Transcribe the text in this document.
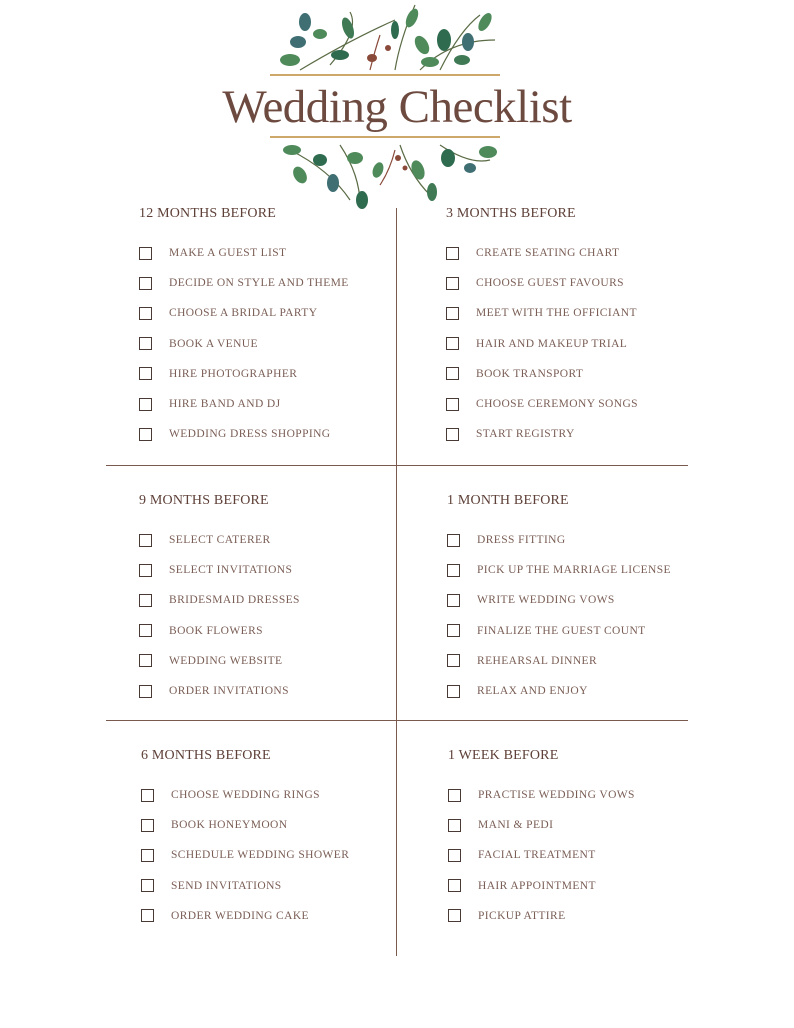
Wedding Checklist
12 MONTHS BEFORE
MAKE A GUEST LIST
DECIDE ON STYLE AND THEME
CHOOSE A BRIDAL PARTY
BOOK A VENUE
HIRE PHOTOGRAPHER
HIRE BAND AND DJ
WEDDING DRESS SHOPPING
3 MONTHS BEFORE
CREATE SEATING CHART
CHOOSE GUEST FAVOURS
MEET WITH THE OFFICIANT
HAIR AND MAKEUP TRIAL
BOOK TRANSPORT
CHOOSE CEREMONY SONGS
START REGISTRY
9 MONTHS BEFORE
SELECT CATERER
SELECT INVITATIONS
BRIDESMAID DRESSES
BOOK FLOWERS
WEDDING WEBSITE
ORDER INVITATIONS
1 MONTH BEFORE
DRESS FITTING
PICK UP THE MARRIAGE LICENSE
WRITE WEDDING VOWS
FINALIZE THE GUEST COUNT
REHEARSAL DINNER
RELAX AND ENJOY
6 MONTHS BEFORE
CHOOSE WEDDING RINGS
BOOK HONEYMOON
SCHEDULE WEDDING SHOWER
SEND INVITATIONS
ORDER WEDDING CAKE
1 WEEK BEFORE
PRACTISE WEDDING VOWS
MANI & PEDI
FACIAL TREATMENT
HAIR APPOINTMENT
PICKUP ATTIRE
